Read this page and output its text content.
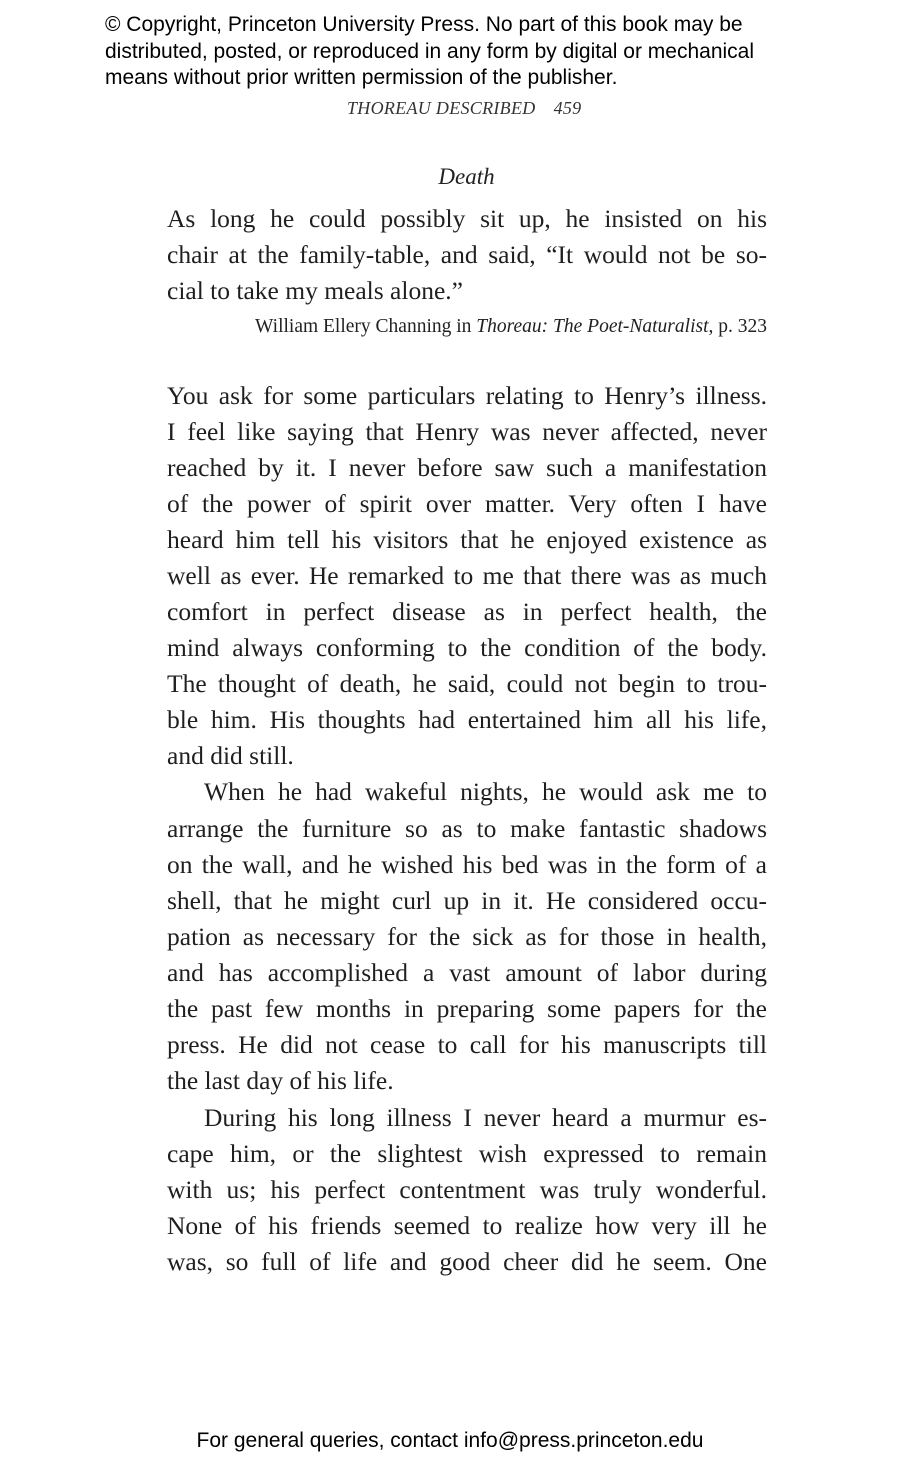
© Copyright, Princeton University Press. No part of this book may be
distributed, posted, or reproduced in any form by digital or mechanical
means without prior written permission of the publisher.
THOREAU DESCRIBED 459
Death
As long he could possibly sit up, he insisted on his
chair at the family-table, and said, “It would not be so-
cial to take my meals alone.”
William Ellery Channing in Thoreau: The Poet-Naturalist, p. 323
You ask for some particulars relating to Henry’s illness.
I feel like saying that Henry was never affected, never
reached by it. I never before saw such a manifestation
of the power of spirit over matter. Very often I have
heard him tell his visitors that he enjoyed existence as
well as ever. He remarked to me that there was as much
comfort in perfect disease as in perfect health, the
mind always conforming to the condition of the body.
The thought of death, he said, could not begin to trou-
ble him. His thoughts had entertained him all his life,
and did still.
When he had wakeful nights, he would ask me to
arrange the furniture so as to make fantastic shadows
on the wall, and he wished his bed was in the form of a
shell, that he might curl up in it. He considered occu-
pation as necessary for the sick as for those in health,
and has accomplished a vast amount of labor during
the past few months in preparing some papers for the
press. He did not cease to call for his manuscripts till
the last day of his life.
During his long illness I never heard a murmur es-
cape him, or the slightest wish expressed to remain
with us; his perfect contentment was truly wonderful.
None of his friends seemed to realize how very ill he
was, so full of life and good cheer did he seem. One
For general queries, contact info@press.princeton.edu
